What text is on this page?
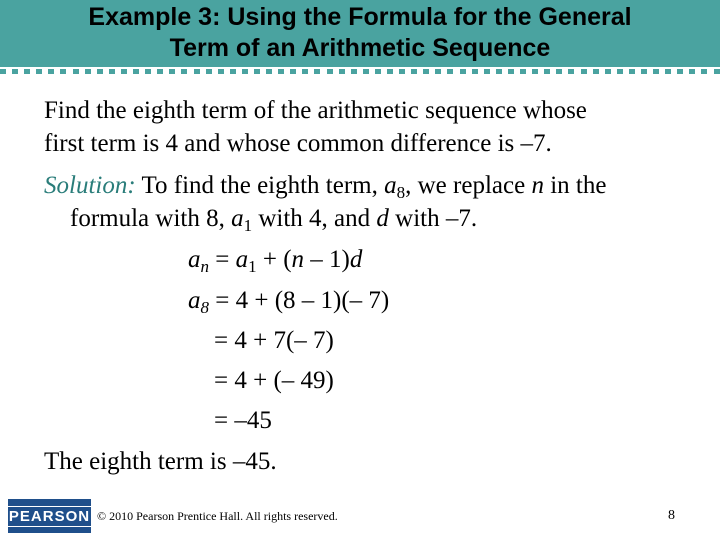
Example 3: Using the Formula for the General
Term of an Arithmetic Sequence
Find the eighth term of the arithmetic sequence whose
first term is 4 and whose common difference is –7.
Solution: To find the eighth term, $a_8$, we replace n in the
formula with 8, $a_1$ with 4, and d with –7.
$a_n = a_1 + (n - 1)d$
$a_8 = 4 + (8 - 1)(-$ 7)
= 4 + 7(– 7)
= 4 + (– 49)
= –45
The eighth term is –45.
PEARSON © 2010 Pearson Prentice Hall. All rights reserved.	8
